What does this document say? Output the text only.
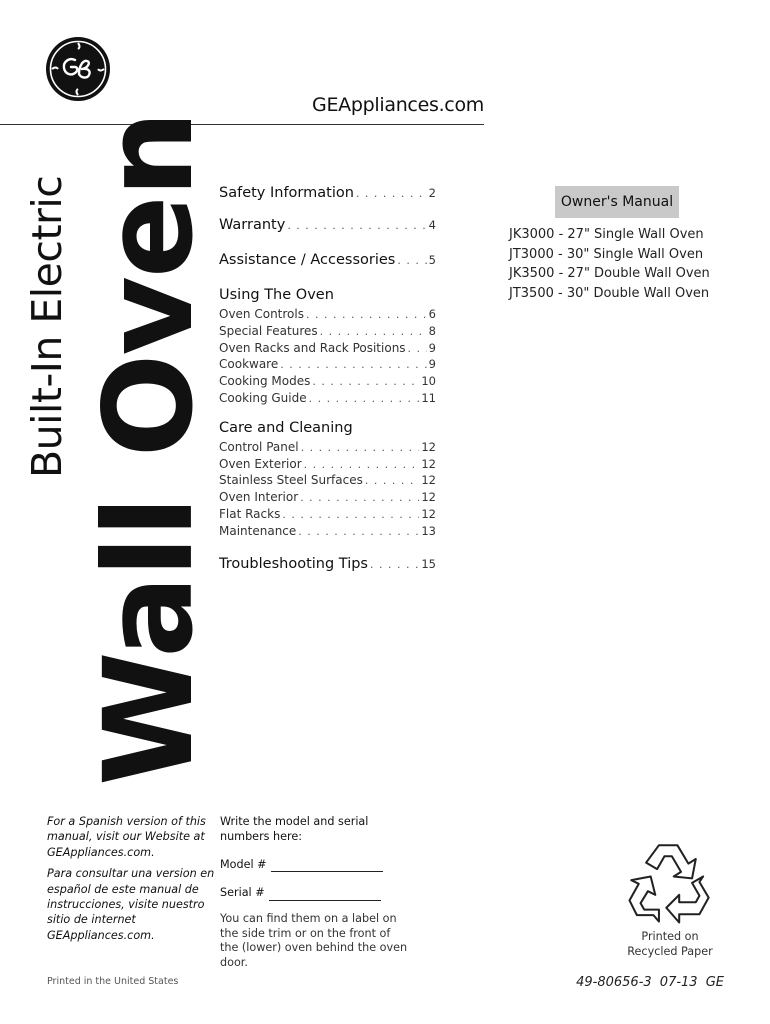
GEAppliances.com
Built-In Electric Wall Oven Safety Information . . .	2
Warranty . . .	4
Assistance / Accessories . . .	5
Using The Oven
Oven Controls . . .	6
Special Features . . .	8
Oven Racks and Rack Positions . . . 9
Cookware . . .	9
Cooking Modes . . .	10
Cooking Guide . . .	11
Care and Cleaning
Control Panel . . .	12
Oven Exterior . . .	12
Stainless Steel Surfaces . . .	12
Oven Interior . . .	12
Flat Racks . . .	12
Maintenance . . .	13
Troubleshooting Tips . . .	15
Owner's Manual
JK3000 - 27" Single Wall Oven
JT3000 - 30" Single Wall Oven
JK3500 - 27" Double Wall Oven
JT3500 - 30" Double Wall Oven

For a Spanish version of this manual, visit our Website at GEAppliances.com.

Para consultar una version en español de este manual de instrucciones, visite nuestro sitio de internet GEAppliances.com.

Write the model and serial numbers here:
Model #
Serial #
You can find them on a label on the side trim or on the front of the (lower) oven behind the oven door.
Printed on
Recycled Paper
Printed in the United States	49-80656-3 07-13 GE
